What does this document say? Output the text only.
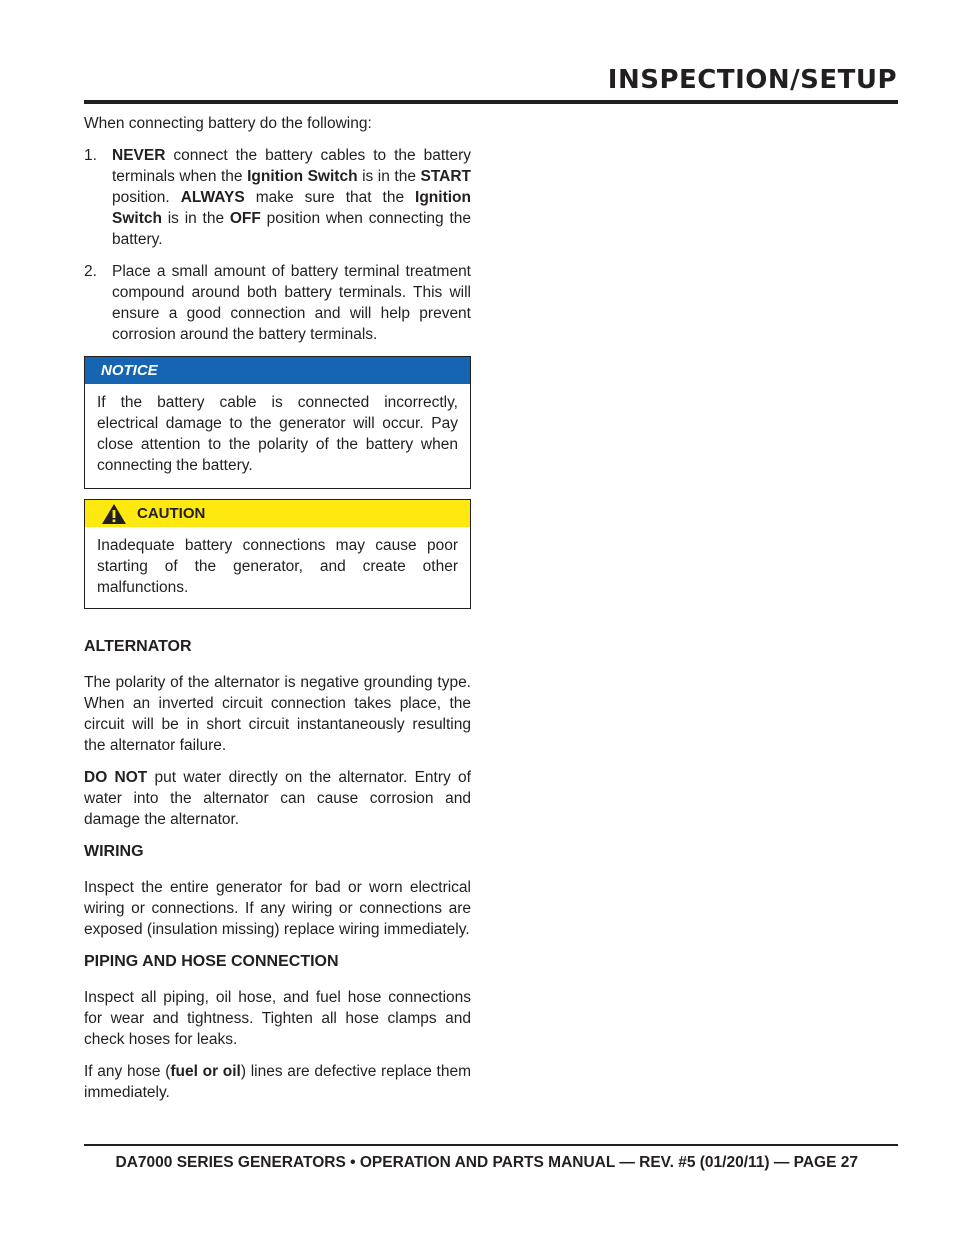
INSPECTION/SETUP

When connecting battery do the following:

1. NEVER connect the battery cables to the battery terminals when the Ignition Switch is in the START position. ALWAYS make sure that the Ignition Switch is in the OFF position when connecting the battery.
2. Place a small amount of battery terminal treatment compound around both battery terminals. This will ensure a good connection and will help prevent corrosion around the battery terminals.
NOTICE
If the battery cable is connected incorrectly, electrical damage to the generator will occur. Pay close attention to the polarity of the battery when connecting the battery.
CAUTION
Inadequate battery connections may cause poor starting of the generator, and create other malfunctions.
ALTERNATOR

The polarity of the alternator is negative grounding type. When an inverted circuit connection takes place, the circuit will be in short circuit instantaneously resulting the alternator failure.

DO NOT put water directly on the alternator. Entry of water into the alternator can cause corrosion and damage the alternator.

WIRING

Inspect the entire generator for bad or worn electrical wiring or connections. If any wiring or connections are exposed (insulation missing) replace wiring immediately.

PIPING AND HOSE CONNECTION

Inspect all piping, oil hose, and fuel hose connections for wear and tightness. Tighten all hose clamps and check hoses for leaks.

If any hose (fuel or oil) lines are defective replace them immediately.

DA7000 SERIES GENERATORS • OPERATION AND PARTS MANUAL — REV. #5 (01/20/11) — PAGE 27
